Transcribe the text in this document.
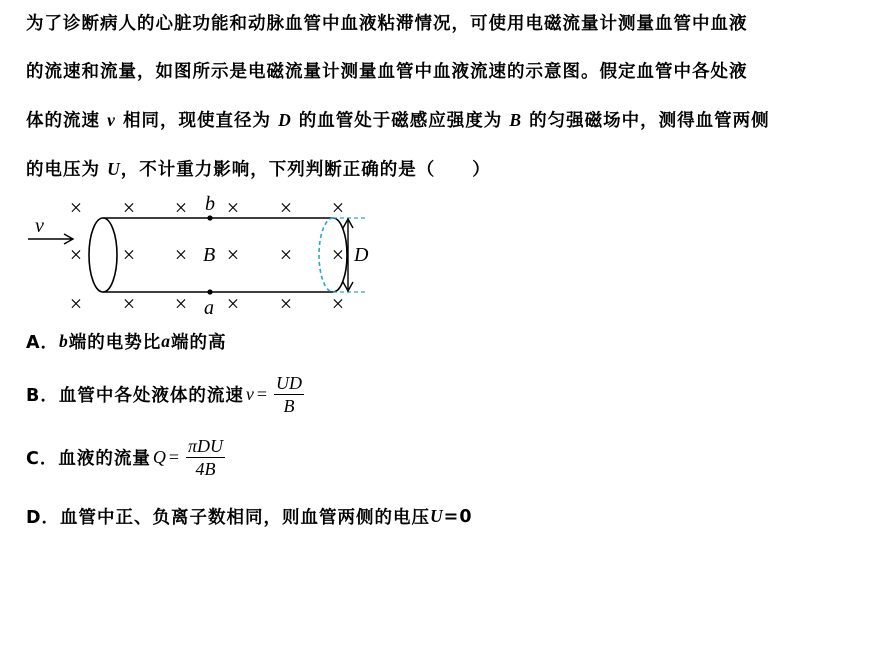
为了诊断病人的心脏功能和动脉血管中血液粘滞情况，可使用电磁流量计测量血管中血液
的流速和流量，如图所示是电磁流量计测量血管中血液流速的示意图。假定血管中各处液
体的流速 v 相同，现使直径为 D 的血管处于磁感应强度为 B 的匀强磁场中，测得血管两侧
的电压为 U，不计重力影响，下列判断正确的是（　　）
× × × × × ×
× × × × × ×
× × × × × ×
D
v
b
a
B
A． b 端的电势比 a 端的高
B． 血管中各处液体的流速 $v = \frac{UD}{B}$
C． 血液的流量 $Q = \frac{\text{πDU}}{4B}$
D． 血管中正、负离子数相同，则血管两侧的电压 U =0
